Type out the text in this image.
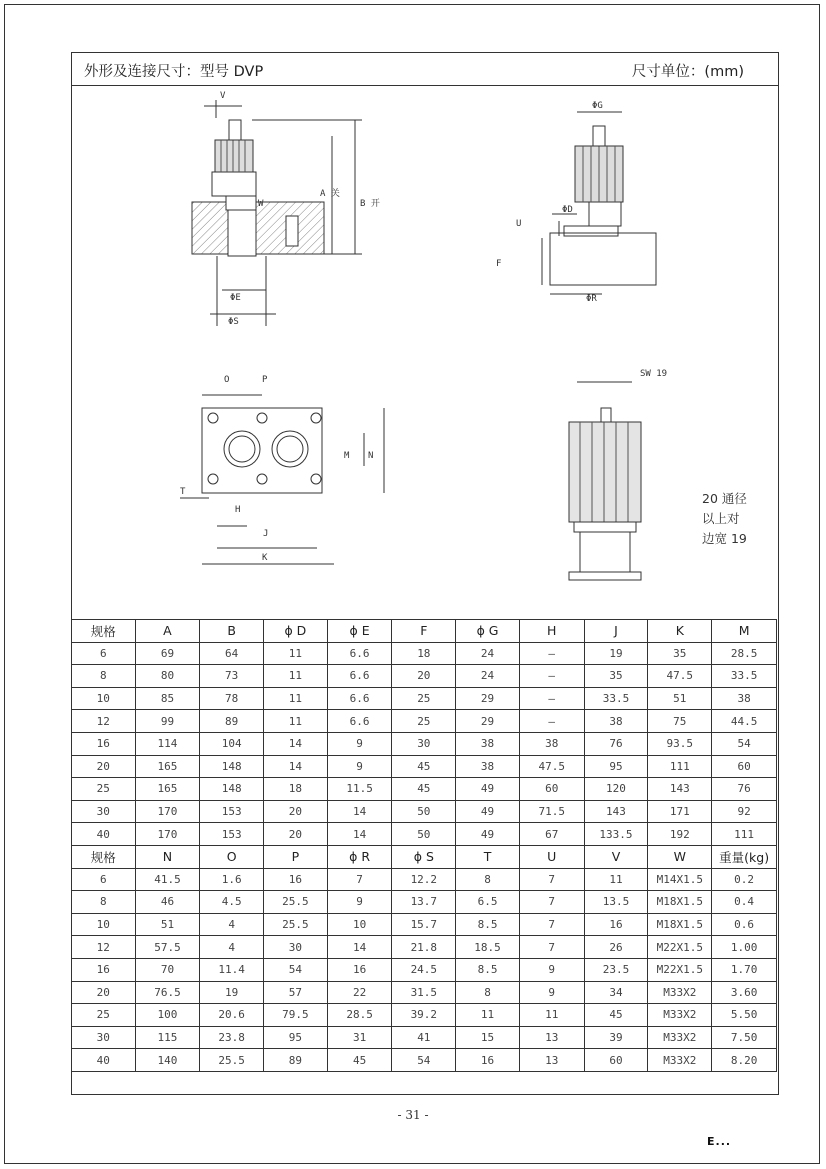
外形及连接尺寸：型号 DVP	尺寸单位：(mm)
V
W
A 关
B 开
ΦE
ΦS
ΦG
ΦD
U
F
ΦR
O	P
M N
T
H
J
K
SW 19
20 通径
以上对
边宽 19
规格	A	B	ϕ D	ϕ E	F	ϕ G	H	J	K	M
6	69	64	11	6.6	18	24	—	19	35	28.5
8	80	73	11	6.6	20	24	—	35	47.5	33.5
10	85	78	11	6.6	25	29	—	33.5	51	38
12	99	89	11	6.6	25	29	—	38	75	44.5
16	114	104	14	9	30	38	38	76	93.5	54
20	165	148	14	9	45	38	47.5	95	111	60
25	165	148	18	11.5	45	49	60	120	143	76
30	170	153	20	14	50	49	71.5	143	171	92
40	170	153	20	14	50	49	67	133.5	192	111
规格	N	O	P	ϕ R	ϕ S	T	U	V	W	重量(kg)
6	41.5	1.6	16	7	12.2	8	7	11	M14X1.5	0.2
8	46	4.5	25.5	9	13.7	6.5	7	13.5	M18X1.5	0.4
10	51	4	25.5	10	15.7	8.5	7	16	M18X1.5	0.6
12	57.5	4	30	14	21.8	18.5	7	26	M22X1.5	1.00
16	70	11.4	54	16	24.5	8.5	9	23.5	M22X1.5	1.70
20	76.5	19	57	22	31.5	8	9	34	M33X2	3.60
25	100	20.6	79.5	28.5	39.2	11	11	45	M33X2	5.50
30	115	23.8	95	31	41	15	13	39	M33X2	7.50
40	140	25.5	89	45	54	16	13	60	M33X2	8.20
- 31 -
E...
